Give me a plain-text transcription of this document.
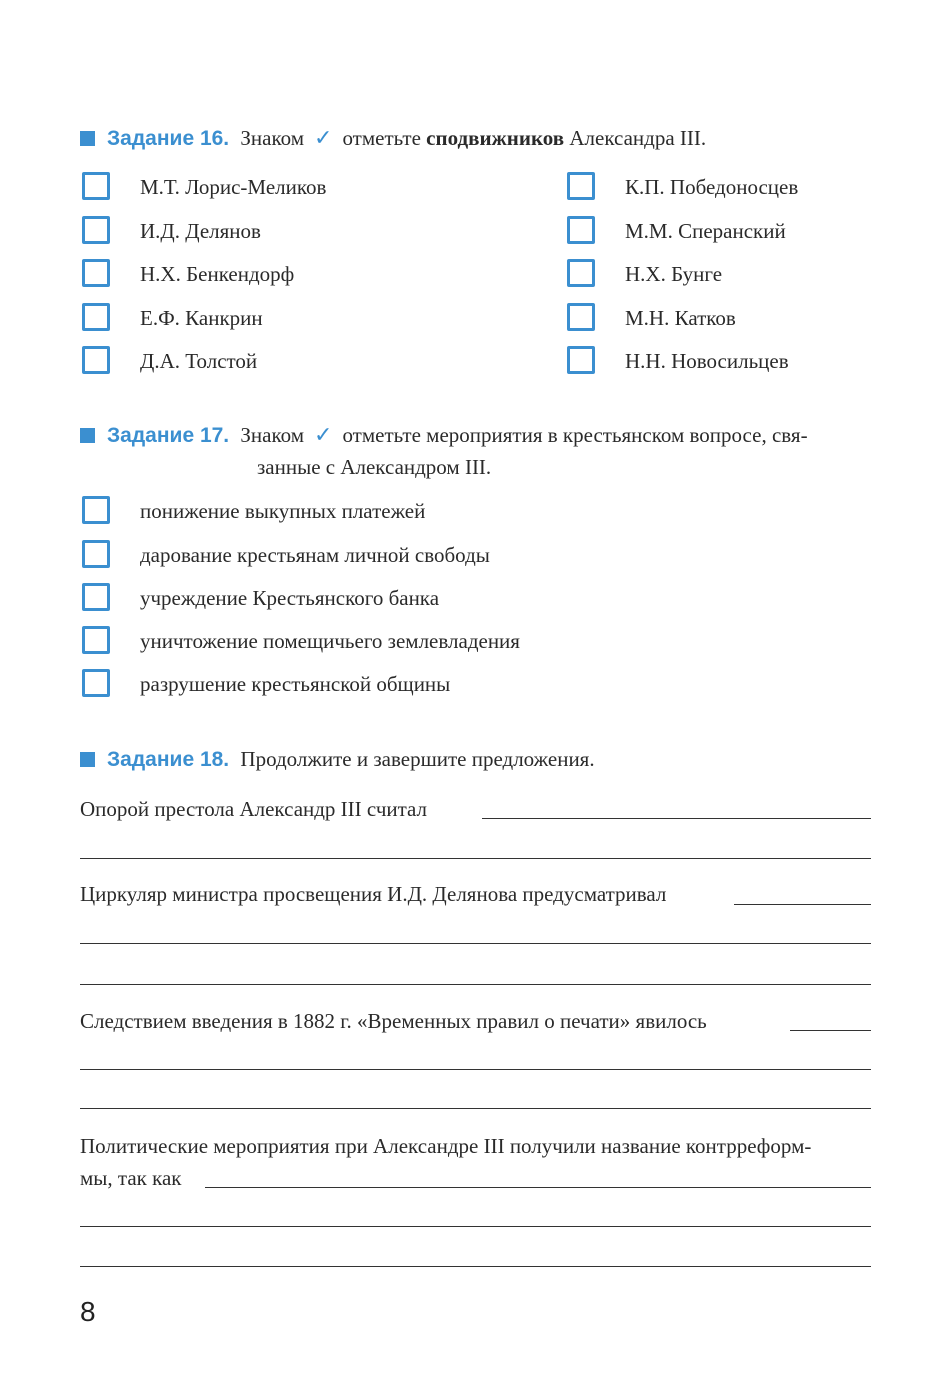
Задание 16. Знаком ✓ отметьте сподвижников Александра III.
М.Т. Лорис-Меликов
И.Д. Делянов
Н.Х. Бенкендорф
Е.Ф. Канкрин
Д.А. Толстой
К.П. Победоносцев
М.М. Сперанский
Н.Х. Бунге
М.Н. Катков
Н.Н. Новосильцев
Задание 17. Знаком ✓ отметьте мероприятия в крестьянском вопросе, свя-
занные с Александром III.
понижение выкупных платежей
дарование крестьянам личной свободы
учреждение Крестьянского банка
уничтожение помещичьего землевладения
разрушение крестьянской общины
Задание 18. Продолжите и завершите предложения.
Опорой престола Александр III считал
Циркуляр министра просвещения И.Д. Делянова предусматривал
Следствием введения в 1882 г. «Временных правил о печати» явилось
Политические мероприятия при Александре III получили название контрреформ-
мы, так как
8
